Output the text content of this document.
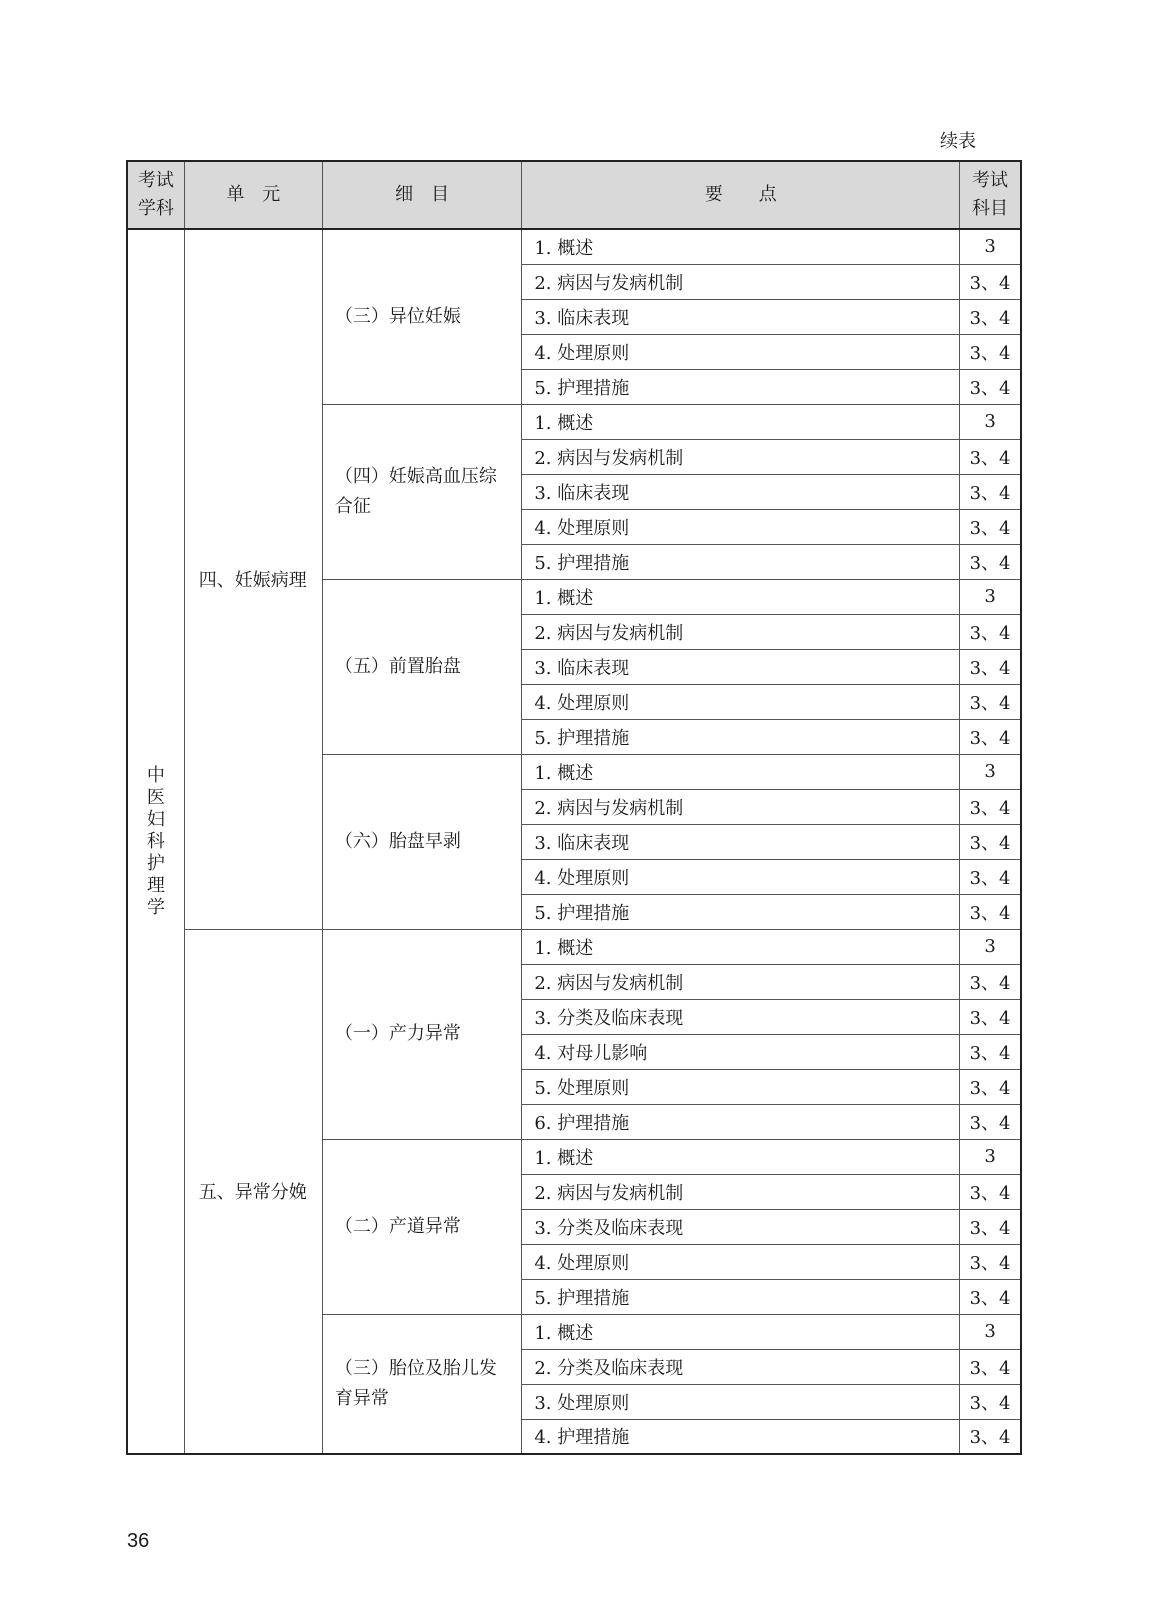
续表
考试学科	单　元	细　目	要　　点	考试科目
中医妇科护理学	四、妊娠病理	（三）异位妊娠	1. 概述	3
			2. 病因与发病机制	3、4
			3. 临床表现	3、4
			4. 处理原则	3、4
			5. 护理措施	3、4
		（四）妊娠高血压综合征	1. 概述	3
			2. 病因与发病机制	3、4
			3. 临床表现	3、4
			4. 处理原则	3、4
			5. 护理措施	3、4
		（五）前置胎盘	1. 概述	3
			2. 病因与发病机制	3、4
			3. 临床表现	3、4
			4. 处理原则	3、4
			5. 护理措施	3、4
		（六）胎盘早剥	1. 概述	3
			2. 病因与发病机制	3、4
			3. 临床表现	3、4
			4. 处理原则	3、4
			5. 护理措施	3、4
	五、异常分娩	（一）产力异常	1. 概述	3
			2. 病因与发病机制	3、4
			3. 分类及临床表现	3、4
			4. 对母儿影响	3、4
			5. 处理原则	3、4
			6. 护理措施	3、4
		（二）产道异常	1. 概述	3
			2. 病因与发病机制	3、4
			3. 分类及临床表现	3、4
			4. 处理原则	3、4
			5. 护理措施	3、4
		（三）胎位及胎儿发育异常	1. 概述	3
			2. 分类及临床表现	3、4
			3. 处理原则	3、4
			4. 护理措施	3、4
36
